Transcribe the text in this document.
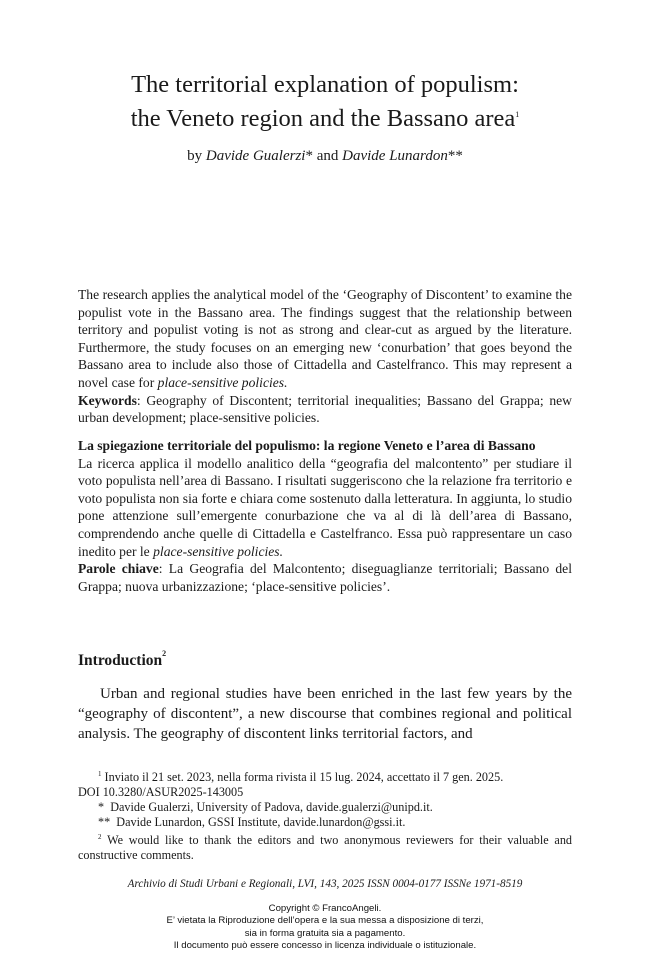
The territorial explanation of populism:
the Veneto region and the Bassano area$^1$
by Davide Gualerzi* and Davide Lunardon**
The research applies the analytical model of the ‘Geography of Discontent’ to examine the populist vote in the Bassano area. The findings suggest that the relationship between territory and populist voting is not as strong and clear-cut as argued by the literature. Furthermore, the study focuses on an emerging new ‘conurbation’ that goes beyond the Bassano area to include also those of Cittadella and Castelfranco. This may represent a novel case for place-sensitive policies.
Keywords: Geography of Discontent; territorial inequalities; Bassano del Grappa; new urban development; place-sensitive policies.
La spiegazione territoriale del populismo: la regione Veneto e l’area di Bassano
La ricerca applica il modello analitico della “geografia del malcontento” per studiare il voto populista nell’area di Bassano. I risultati suggeriscono che la relazione fra territorio e voto populista non sia forte e chiara come sostenuto dalla letteratura. In aggiunta, lo studio pone attenzione sull’emergente conurbazione che va al di là dell’area di Bassano, comprendendo anche quelle di Cittadella e Castelfranco. Essa può rappresentare un caso inedito per le place-sensitive policies.
Parole chiave: La Geografia del Malcontento; diseguaglianze territoriali; Bassano del Grappa; nuova urbanizzazione; ‘place-sensitive policies’.
Introduction$^2$

Urban and regional studies have been enriched in the last few years by the “geography of discontent”, a new discourse that combines regional and political analysis. The geography of discontent links territorial factors, and

$^1$ Inviato il 21 set. 2023, nella forma rivista il 15 lug. 2024, accettato il 7 gen. 2025.
DOI 10.3280/ASUR2025-143005
* Davide Gualerzi, University of Padova, davide.gualerzi@unipd.it.
** Davide Lunardon, GSSI Institute, davide.lunardon@gssi.it.
$^2$ We would like to thank the editors and two anonymous reviewers for their valuable and constructive comments.
Archivio di Studi Urbani e Regionali, LVI, 143, 2025 ISSN 0004-0177 ISSNe 1971-8519
Copyright © FrancoAngeli.
E’ vietata la Riproduzione dell’opera e la sua messa a disposizione di terzi,
sia in forma gratuita sia a pagamento.
Il documento può essere concesso in licenza individuale o istituzionale.
